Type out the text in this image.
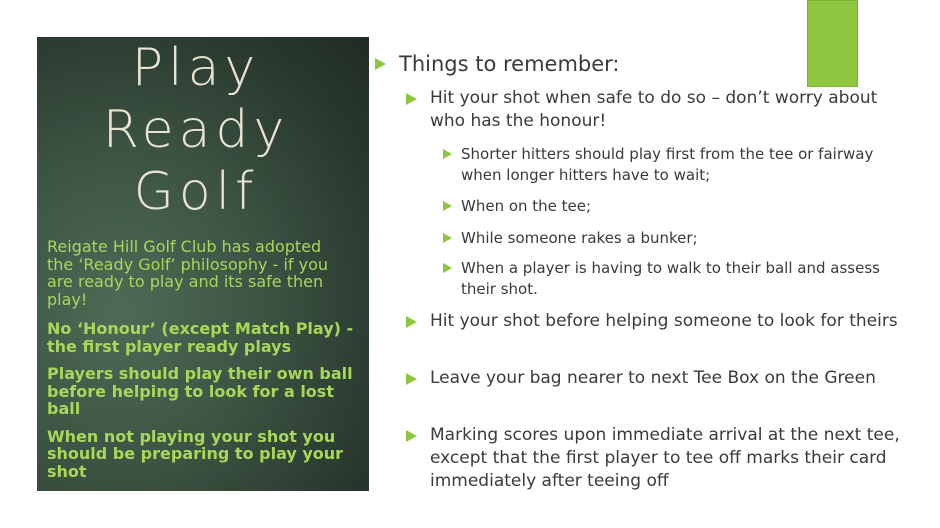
Play
Ready
Golf
Reigate Hill Golf Club has adopted the ‘Ready Golf’ philosophy - if you are ready to play and its safe then play!
No ‘Honour’ (except Match Play) - the first player ready plays
Players should play their own ball before helping to look for a lost ball
When not playing your shot you should be preparing to play your shot
Things to remember:
Hit your shot when safe to do so – don’t worry about who has the honour!
Shorter hitters should play first from the tee or fairway when longer hitters have to wait;
When on the tee;
While someone rakes a bunker;
When a player is having to walk to their ball and assess their shot.
Hit your shot before helping someone to look for theirs
Leave your bag nearer to next Tee Box on the Green
Marking scores upon immediate arrival at the next tee, except that the first player to tee off marks their card immediately after teeing off
